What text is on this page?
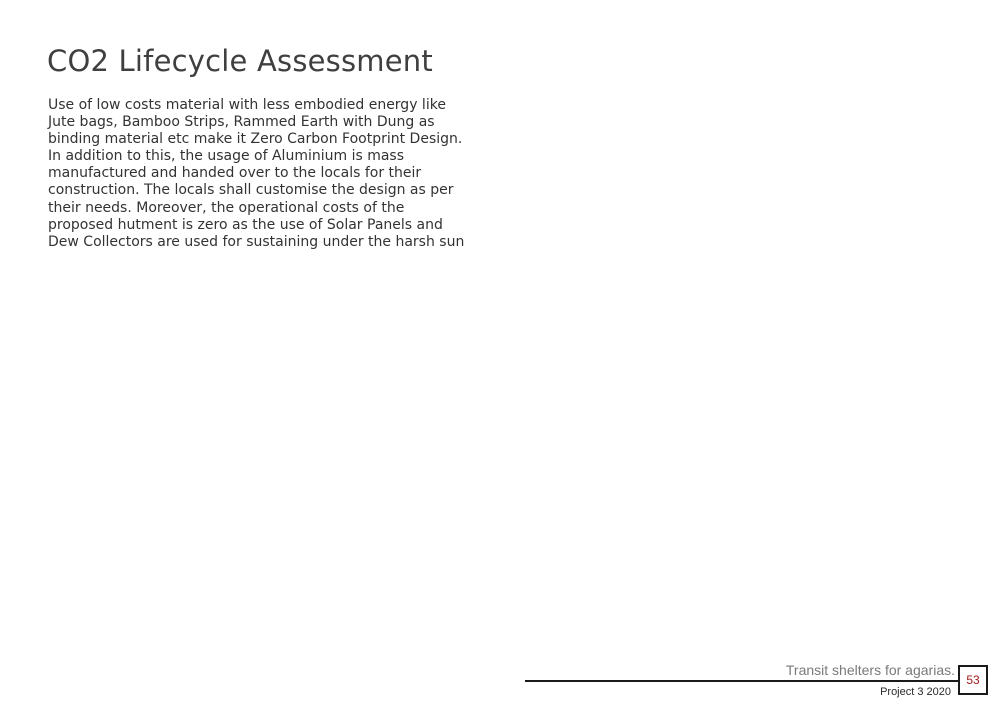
CO2 Lifecycle Assessment

Use of low costs material with less embodied energy like Jute bags, Bamboo Strips, Rammed Earth with Dung as binding material etc make it Zero Carbon Footprint Design. In addition to this, the usage of Aluminium is mass manufactured and handed over to the locals for their construction. The locals shall customise the design as per their needs. Moreover, the operational costs of the proposed hutment is zero as the use of Solar Panels and Dew Collectors are used for sustaining under the harsh sun

Transit shelters for agarias.
Project 3 2020
53
